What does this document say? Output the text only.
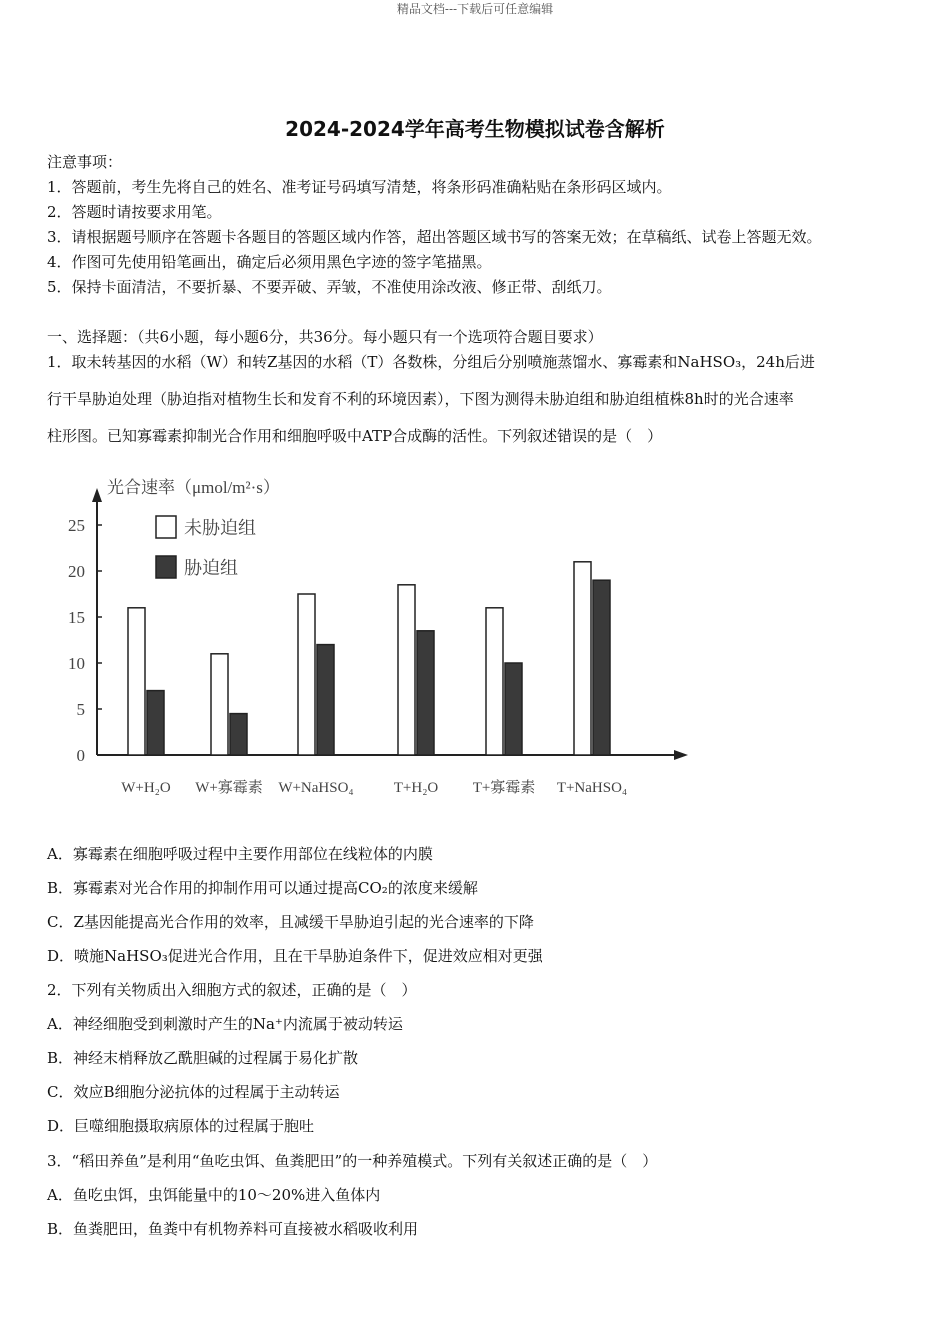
精品文档---下载后可任意编辑
2024-2024学年高考生物模拟试卷含解析
注意事项：
1．答题前，考生先将自己的姓名、准考证号码填写清楚，将条形码准确粘贴在条形码区域内。
2．答题时请按要求用笔。
3．请根据题号顺序在答题卡各题目的答题区域内作答，超出答题区域书写的答案无效；在草稿纸、试卷上答题无效。
4．作图可先使用铅笔画出，确定后必须用黑色字迹的签字笔描黑。
5．保持卡面清洁，不要折暴、不要弄破、弄皱，不准使用涂改液、修正带、刮纸刀。
一、选择题：（共6小题，每小题6分，共36分。每小题只有一个选项符合题目要求）
1．取未转基因的水稻（W）和转Z基因的水稻（T）各数株，分组后分别喷施蒸馏水、寡霉素和NaHSO₃，24h后进
行干旱胁迫处理（胁迫指对植物生长和发育不利的环境因素），下图为测得未胁迫组和胁迫组植株8h时的光合速率
柱形图。已知寡霉素抑制光合作用和细胞呼吸中ATP合成酶的活性。下列叙述错误的是（　）
光合速率（μmol/m²·s）
0
5
10
15
20
25	未胁迫组
胁迫组
W+H₂O W+寡霉素 W+NaHSO₄	T+H₂O T+寡霉素 T+NaHSO₄
A．寡霉素在细胞呼吸过程中主要作用部位在线粒体的内膜
B．寡霉素对光合作用的抑制作用可以通过提高CO₂的浓度来缓解
C．Z基因能提高光合作用的效率，且减缓干旱胁迫引起的光合速率的下降
D．喷施NaHSO₃促进光合作用，且在干旱胁迫条件下，促进效应相对更强
2．下列有关物质出入细胞方式的叙述，正确的是（　）
A．神经细胞受到刺激时产生的Na⁺内流属于被动转运
B．神经末梢释放乙酰胆碱的过程属于易化扩散
C．效应B细胞分泌抗体的过程属于主动转运
D．巨噬细胞摄取病原体的过程属于胞吐
3．“稻田养鱼”是利用“鱼吃虫饵、鱼粪肥田”的一种养殖模式。下列有关叙述正确的是（　）
A．鱼吃虫饵，虫饵能量中的10～20%进入鱼体内
B．鱼粪肥田，鱼粪中有机物养料可直接被水稻吸收利用
